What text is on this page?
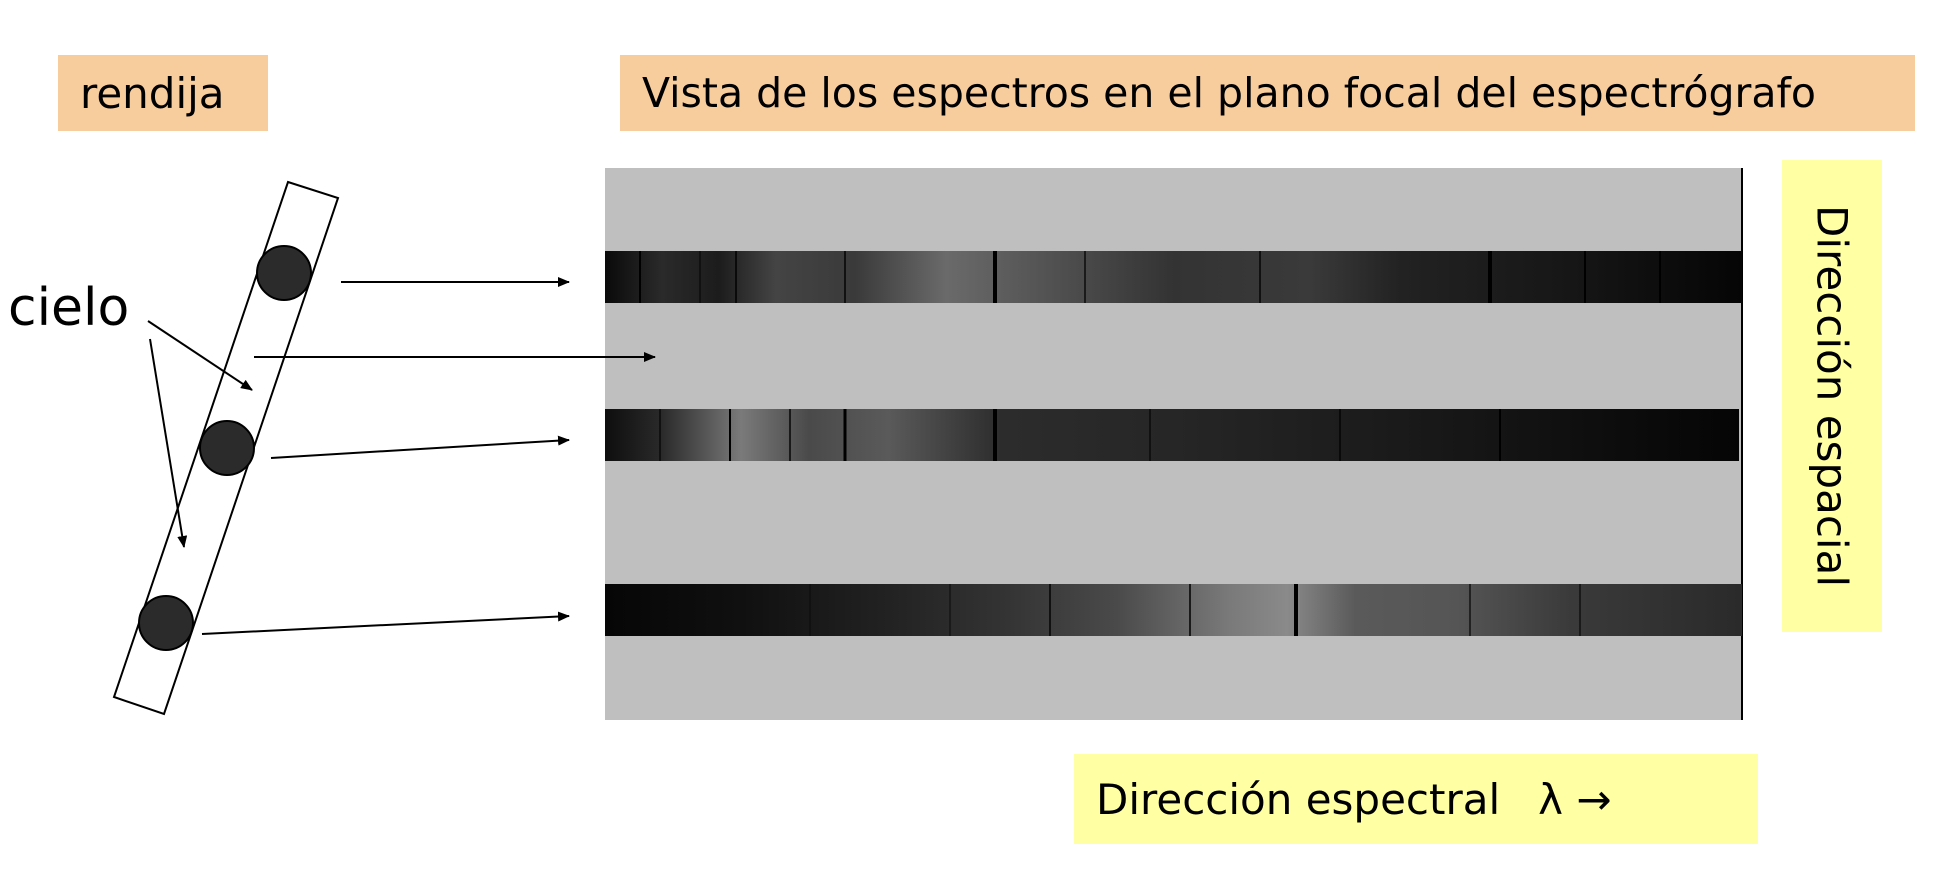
rendija	Vista de los espectros en el plano focal del espectrógrafo
cielo	Dirección espacial
Dirección espectral λ →
